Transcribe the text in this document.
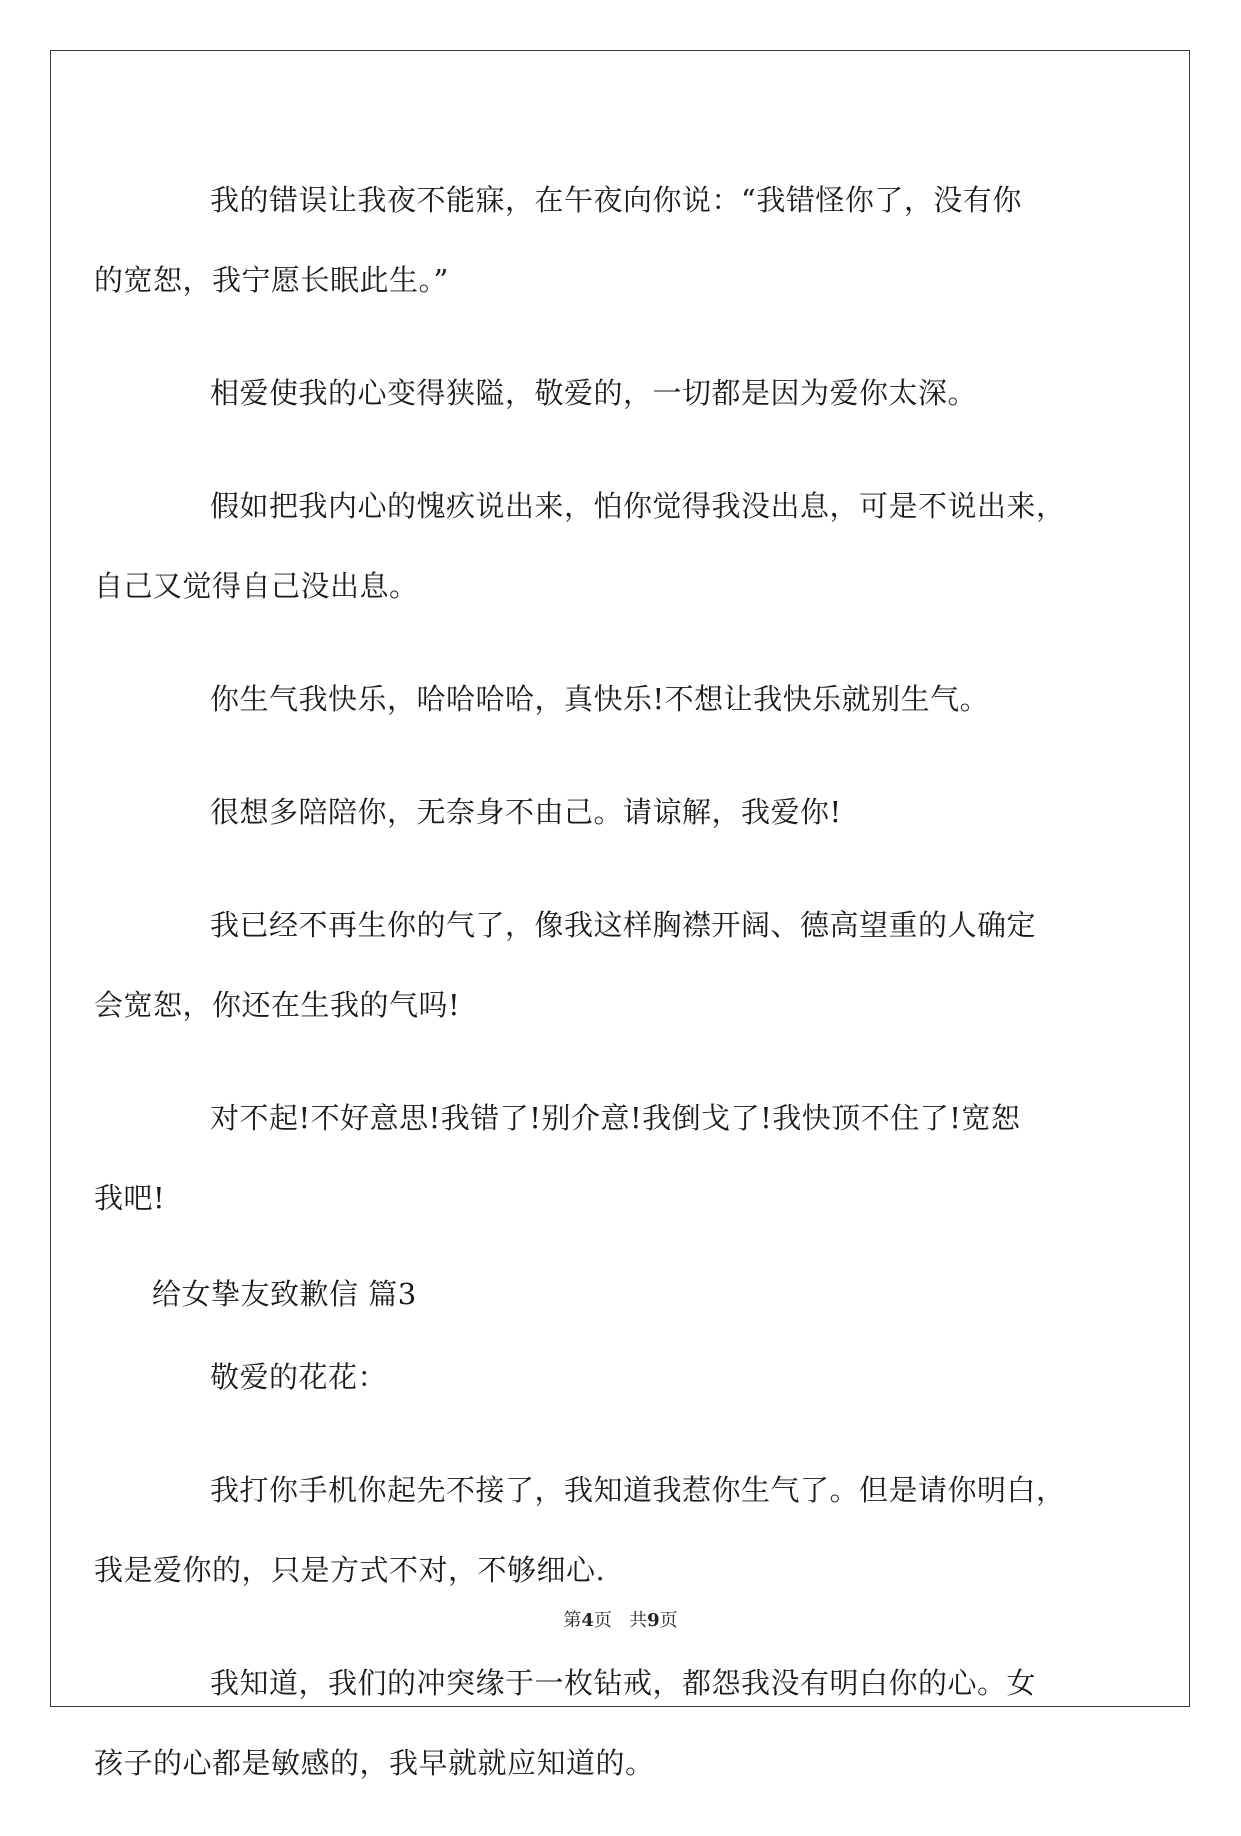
我的错误让我夜不能寐，在午夜向你说：“我错怪你了，没有你
的宽恕，我宁愿长眠此生。”

相爱使我的心变得狭隘，敬爱的，一切都是因为爱你太深。

假如把我内心的愧疚说出来，怕你觉得我没出息，可是不说出来，
自己又觉得自己没出息。

你生气我快乐，哈哈哈哈，真快乐!不想让我快乐就别生气。

很想多陪陪你，无奈身不由己。请谅解，我爱你!

我已经不再生你的气了，像我这样胸襟开阔、德高望重的人确定
会宽恕，你还在生我的气吗!

对不起!不好意思!我错了!别介意!我倒戈了!我快顶不住了!宽恕
我吧!

给女挚友致歉信 篇3

敬爱的花花：

我打你手机你起先不接了，我知道我惹你生气了。但是请你明白，
我是爱你的，只是方式不对，不够细心.

我知道，我们的冲突缘于一枚钻戒，都怨我没有明白你的心。女
孩子的心都是敏感的，我早就就应知道的。

第4页   共9页
